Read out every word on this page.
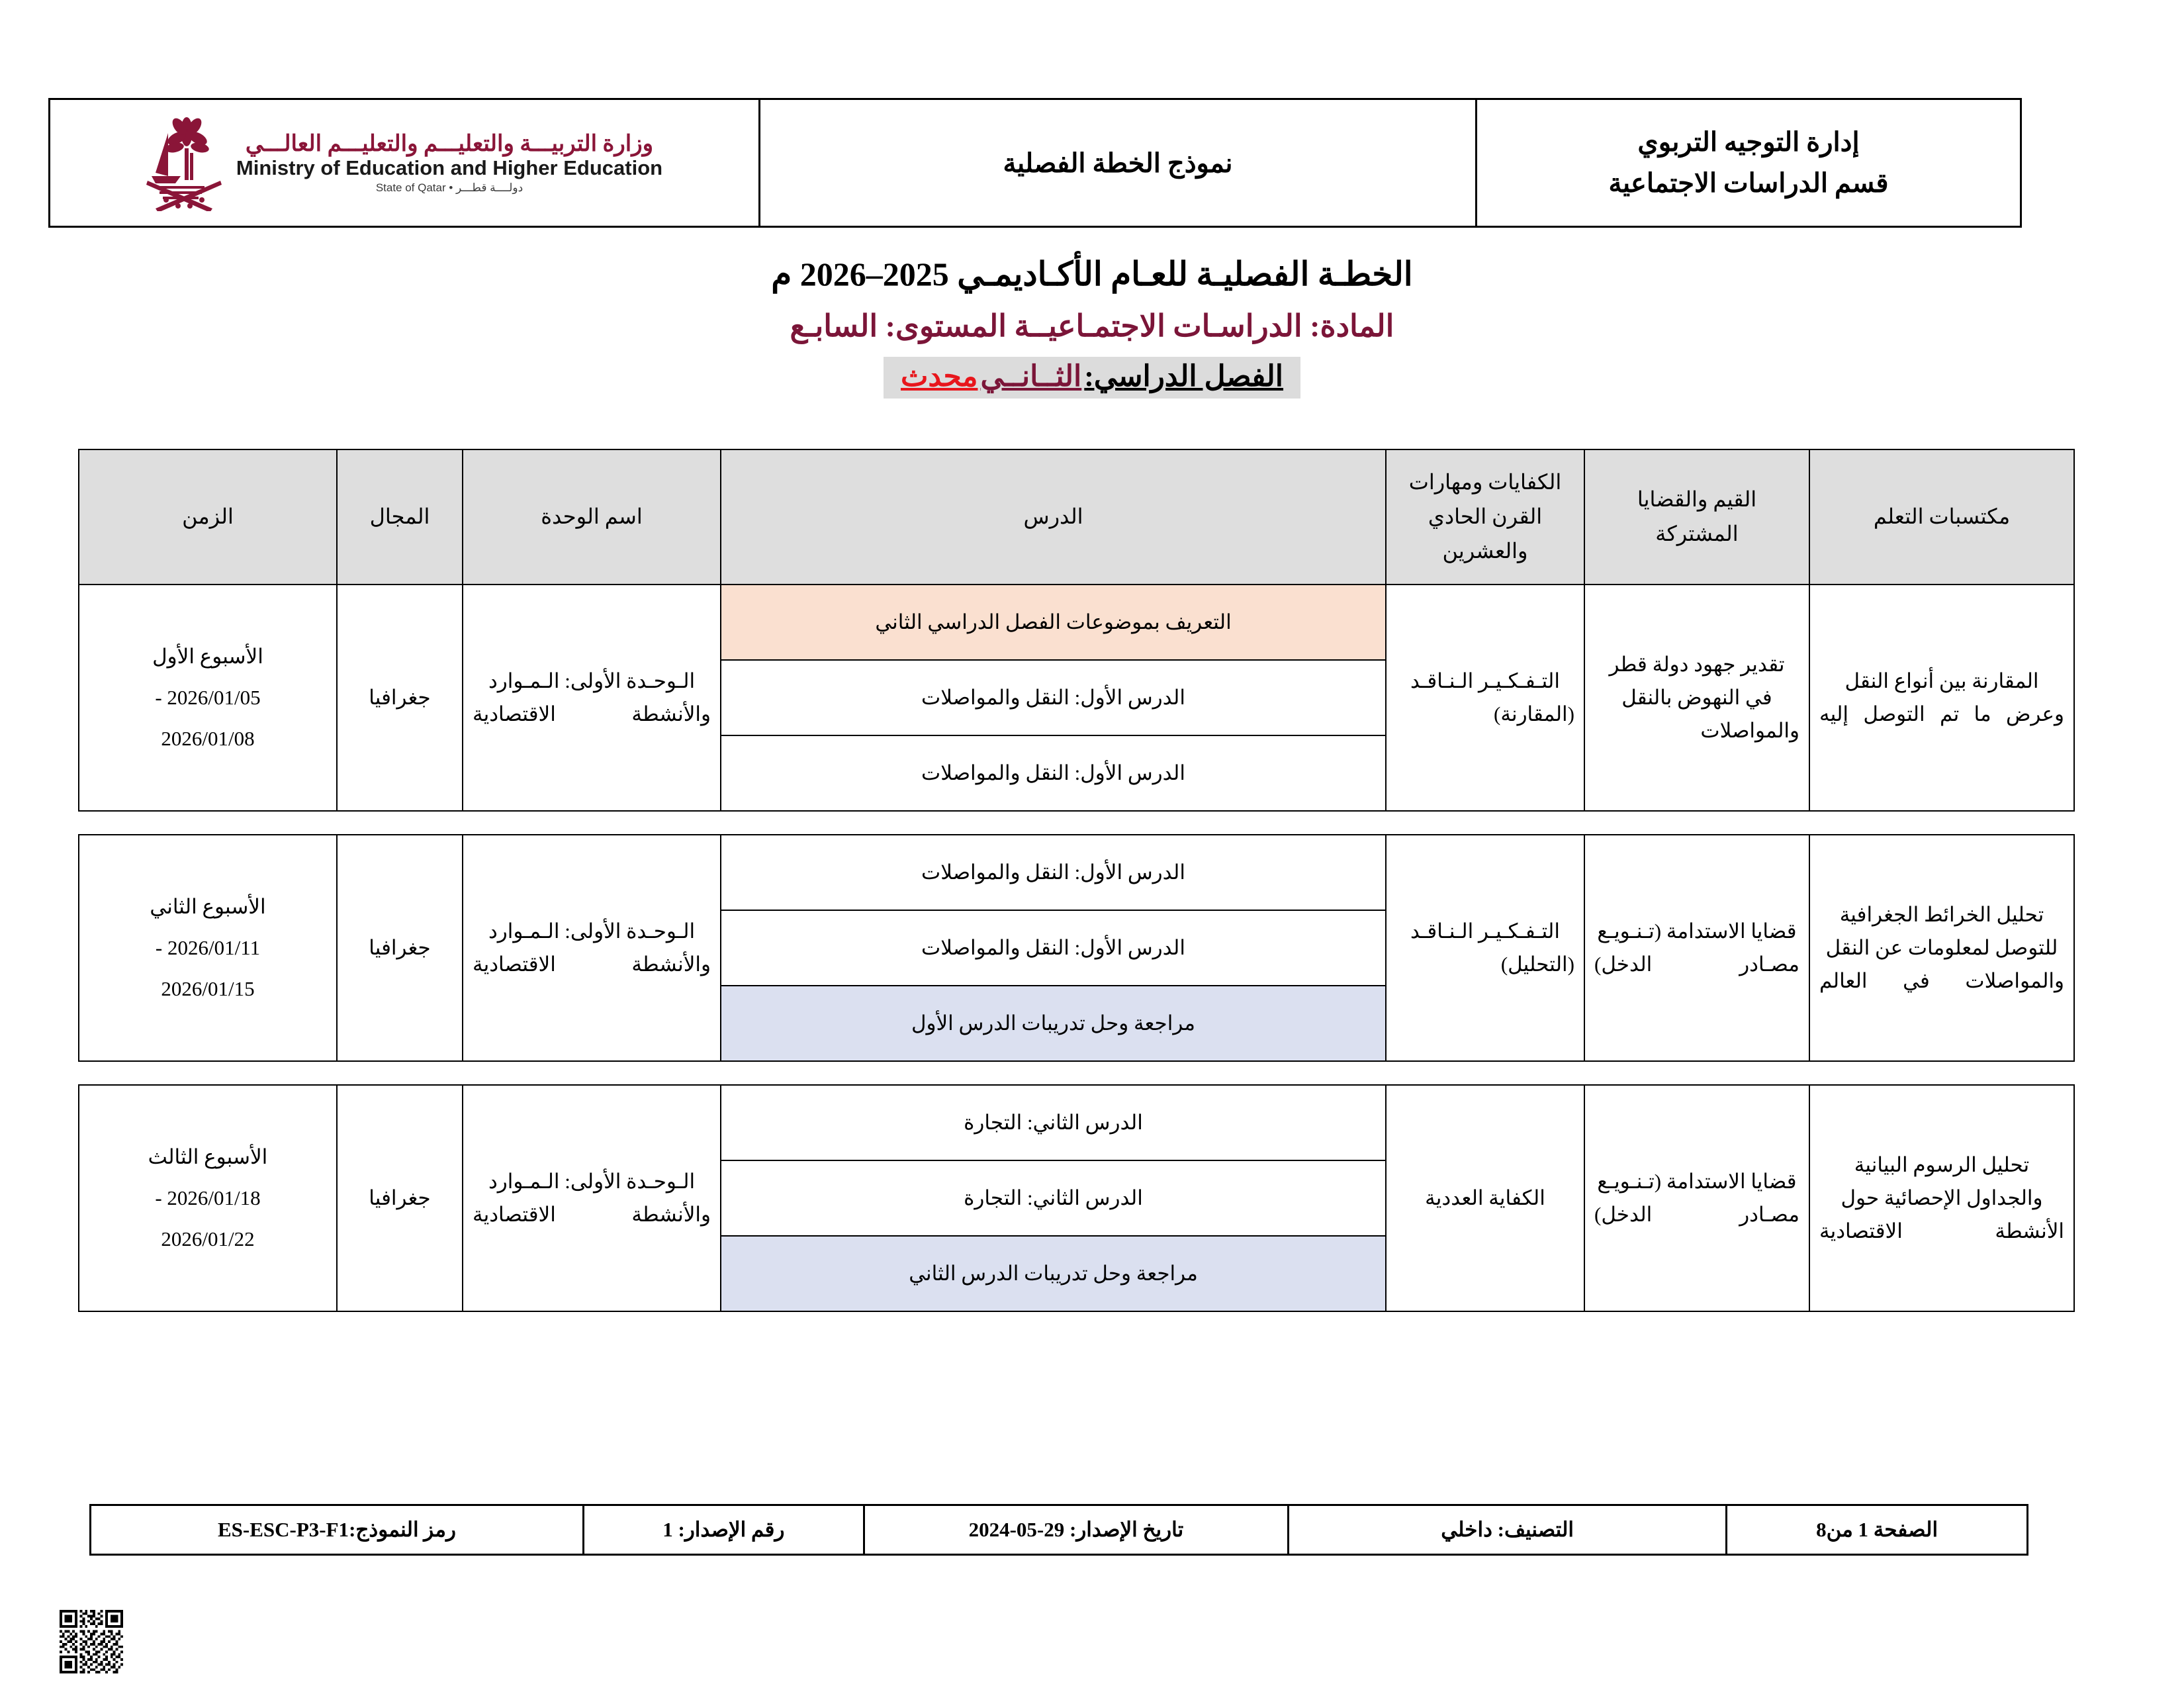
إدارة التوجيه التربوي
قسم الدراسات الاجتماعية
	نموذج الخطة الفصلية	
وزارة التربيـــة والتعليـــم والتعليـــم العالـــي
Ministry of Education and Higher Education
دولــــة قطـــر • State of Qatar
الخطـة الفصليـة للعـام الأكـاديمـي 2025–2026 م
المادة: الدراسـات الاجتمـاعيــة المستوى: السابـع
الفصل الدراسي: الثــانــي محدث
مكتسبات التعلم	القيم والقضايا المشتركة	الكفايات ومهارات القرن الحادي والعشرين	الدرس	اسم الوحدة	المجال	الزمن
المقارنة بين أنواع النقل وعرض ما تم التوصل إليه	تقدير جهود دولة قطر في النهوض بالنقل والمواصلات	التـفـكـيـر الـنـاقـد (المقارنة)	التعريف بموضوعات الفصل الدراسي الثاني	الـوحـدة الأولى: الـمـوارد والأنشطة الاقتصادية	جغرافيا	الأسبوع الأول
2026/01/05 -
2026/01/08

			الدرس الأول: النقل والمواصلات			
			الدرس الأول: النقل والمواصلات			

تحليل الخرائط الجغرافية للتوصل لمعلومات عن النقل والمواصلات في العالم	قضايا الاستدامة (تـنـويـع مصـادر الدخل)	التـفـكـيـر الـنـاقـد (التحليل)	الدرس الأول: النقل والمواصلات	الـوحـدة الأولى: الـمـوارد والأنشطة الاقتصادية	جغرافيا	الأسبوع الثاني
2026/01/11 -
2026/01/15

			الدرس الأول: النقل والمواصلات			
			مراجعة وحل تدريبات الدرس الأول			

تحليل الرسوم البيانية والجداول الإحصائية حول الأنشطة الاقتصادية	قضايا الاستدامة (تـنـويـع مصـادر الدخل)	الكفاية العددية	الدرس الثاني: التجارة	الـوحـدة الأولى: الـمـوارد والأنشطة الاقتصادية	جغرافيا	الأسبوع الثالث
2026/01/18 -
2026/01/22

			الدرس الثاني: التجارة			
			مراجعة وحل تدريبات الدرس الثاني			
الصفحة 1 من8	التصنيف: داخلي	تاريخ الإصدار: 29-05-2024	رقم الإصدار: 1	رمز النموذج:ES-ESC-P3-F1
